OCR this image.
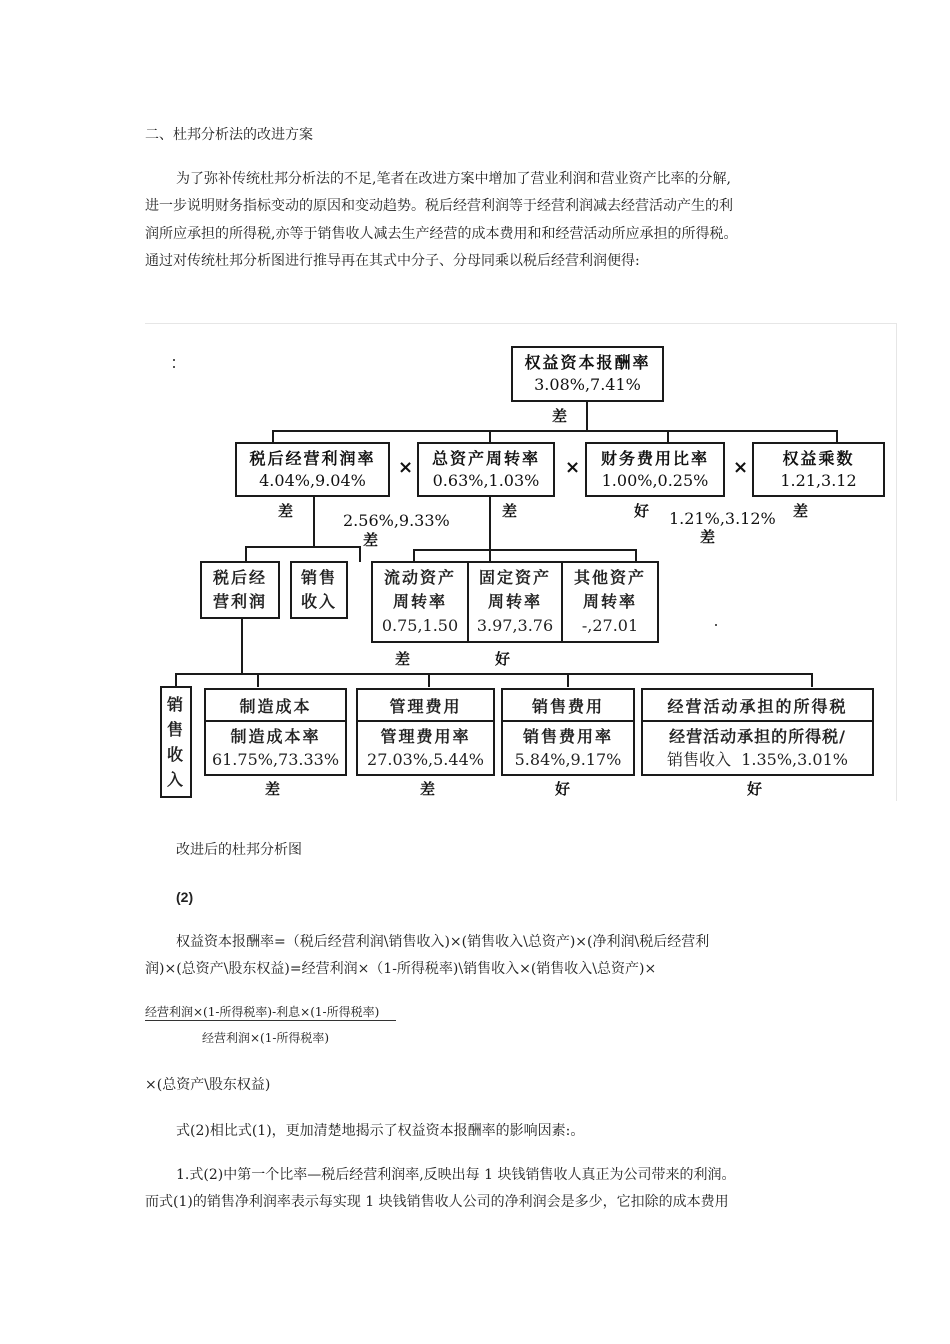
二、杜邦分析法的改进方案
为了弥补传统杜邦分析法的不足,笔者在改进方案中增加了营业利润和营业资产比率的分解,
进一步说明财务指标变动的原因和变动趋势。税后经营利润等于经营利润减去经营活动产生的利
润所应承担的所得税,亦等于销售收人减去生产经营的成本费用和和经营活动所应承担的所得税。
通过对传统杜邦分析图进行推导再在其式中分子、分母同乘以税后经营利润便得:
权益资本报酬率
3.08%,7.41%
差
税后经营利润率
4.04%,9.04%
× 总资产周转率
0.63%,1.03%
× 财务费用比率
1.00%,0.25%
× 权益乘数
1.21,3.12
差	差	好	差
2.56%,9.33%
差
1.21%,3.12%
差
税后经
营利润
销售
收入
流动资产
周转率
0.75,1.50
固定资产
周转率
3.97,3.76
其他资产
周转率
-,27.01
差	好
销
售
收
入
制造成本
制造成本率
61.75%,73.33%
管理费用
管理费用率
27.03%,5.44%
销售费用
销售费用率
5.84%,9.17%
经营活动承担的所得税
经营活动承担的所得税/
销售收入  1.35%,3.01%
差	差	好	好
改进后的杜邦分析图
(2)
权益资本报酬率=（税后经营利润\销售收入)×(销售收入\总资产)×(净利润\税后经营利
润)×(总资产\股东权益)=经营利润×（1-所得税率)\销售收入×(销售收入\总资产)×
经营利润×(1-所得税率)-利息×(1-所得税率)
经营利润×(1-所得税率)
×(总资产\股东权益)
式(2)相比式(1)，更加清楚地揭示了权益资本报酬率的影响因素:。
1.式(2)中第一个比率—税后经营利润率,反映出每 1 块钱销售收人真正为公司带来的利润。
而式(1)的销售净利润率表示每实现 1 块钱销售收人公司的净利润会是多少，它扣除的成本费用
